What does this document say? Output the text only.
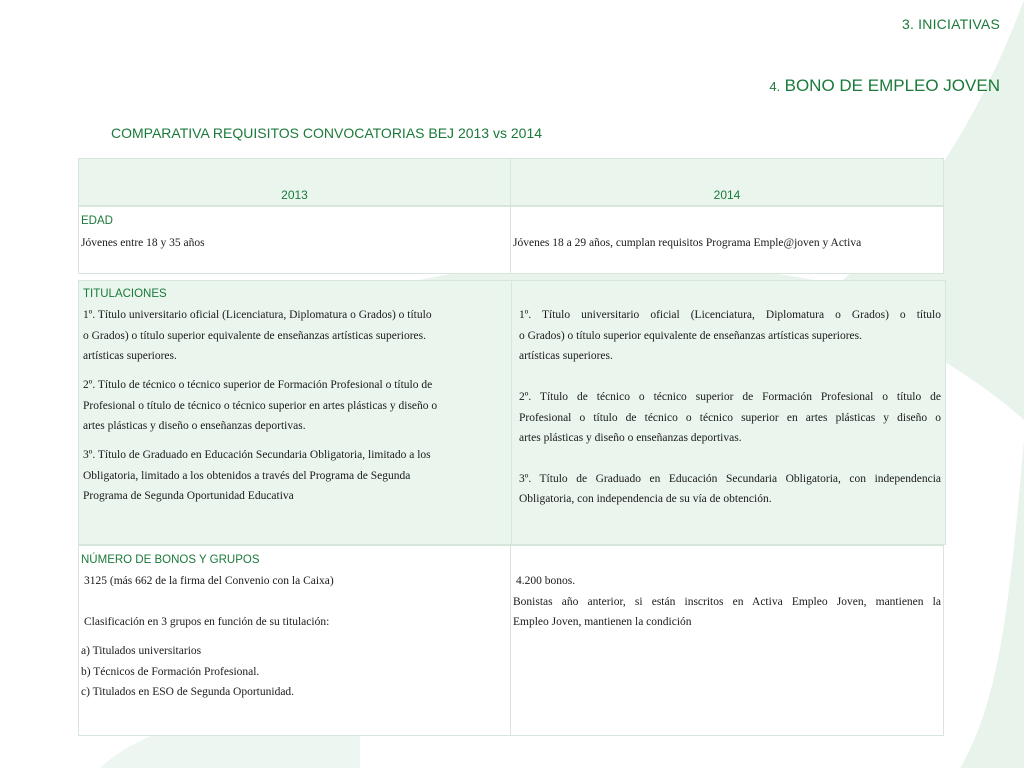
3. INICIATIVAS
4. BONO DE EMPLEO JOVEN
COMPARATIVA REQUISITOS CONVOCATORIAS BEJ 2013 vs 2014
2013	2014
EDAD
Jóvenes entre 18 y 35 años	Jóvenes 18 a 29 años, cumplan requisitos Programa Emple@joven y Activa
TITULACIONES
1º. Título universitario oficial (Licenciatura, Diplomatura o Grados) o título
o Grados) o título superior equivalente de enseñanzas artísticas superiores.
artísticas superiores.
2º. Título de técnico o técnico superior de Formación Profesional o título de
Profesional o título de técnico o técnico superior en artes plásticas y diseño o
artes plásticas y diseño o enseñanzas deportivas.
3º. Título de Graduado en Educación Secundaria Obligatoria, limitado a los
Obligatoria, limitado a los obtenidos a través del Programa de Segunda
Programa de Segunda Oportunidad Educativa
1º. Título universitario oficial (Licenciatura, Diplomatura o Grados) o título
o Grados) o título superior equivalente de enseñanzas artísticas superiores.
artísticas superiores.
2º. Título de técnico o técnico superior de Formación Profesional o título de
Profesional o título de técnico o técnico superior en artes plásticas y diseño o
artes plásticas y diseño o enseñanzas deportivas.
3º. Título de Graduado en Educación Secundaria Obligatoria, con independencia
Obligatoria, con independencia de su vía de obtención.
NÚMERO DE BONOS Y GRUPOS
3125 (más 662 de la firma del Convenio con la Caixa)
Clasificación en 3 grupos en función de su titulación:
a) Titulados universitarios
b) Técnicos de Formación Profesional.
c) Titulados en ESO de Segunda Oportunidad.
4.200 bonos.
Bonistas año anterior, si están inscritos en Activa Empleo Joven, mantienen la
Empleo Joven, mantienen la condición
